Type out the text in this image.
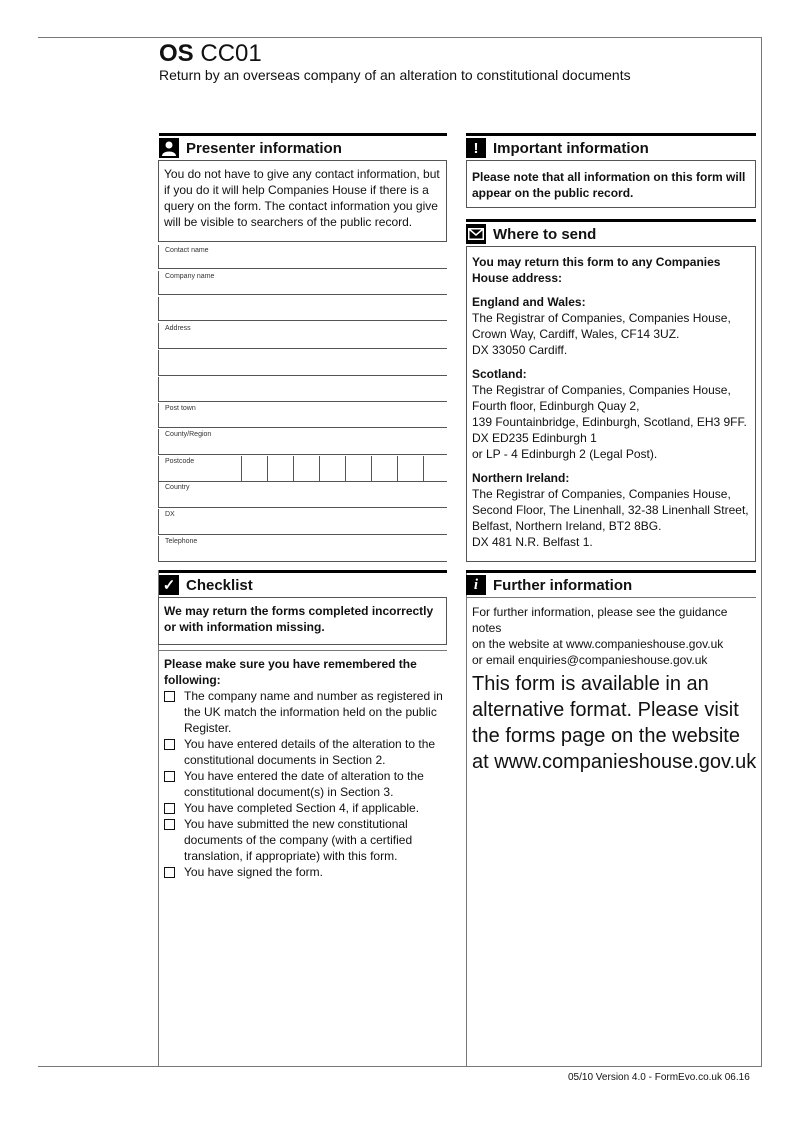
OS CC01
Return by an overseas company of an alteration to constitutional documents
Presenter information
You do not have to give any contact information, but if you do it will help Companies House if there is a query on the form. The contact information you give will be visible to searchers of the public record.
Contact name
Company name
Address
Post town
County/Region
Postcode
Country
DX
Telephone
! Important information
Please note that all information on this form will appear on the public record.
Where to send
You may return this form to any Companies House address:
England and Wales:
The Registrar of Companies, Companies House,
Crown Way, Cardiff, Wales, CF14 3UZ.
DX 33050 Cardiff.
Scotland:
The Registrar of Companies, Companies House,
Fourth floor, Edinburgh Quay 2,
139 Fountainbridge, Edinburgh, Scotland, EH3 9FF.
DX ED235 Edinburgh 1
or LP - 4 Edinburgh 2 (Legal Post).
Northern Ireland:
The Registrar of Companies, Companies House,
Second Floor, The Linenhall, 32-38 Linenhall Street,
Belfast, Northern Ireland, BT2 8BG.
DX 481 N.R. Belfast 1.
✓ Checklist
We may return the forms completed incorrectly or with information missing.
Please make sure you have remembered the following:
The company name and number as registered in the UK match the information held on the public Register.
You have entered details of the alteration to the constitutional documents in Section 2.
You have entered the date of alteration to the constitutional document(s) in Section 3.
You have completed Section 4, if applicable.
You have submitted the new constitutional documents of the company (with a certified translation, if appropriate) with this form.
You have signed the form.
i Further information
For further information, please see the guidance notes
on the website at www.companieshouse.gov.uk
or email enquiries@companieshouse.gov.uk
This form is available in an alternative format. Please visit the forms page on the website at www.companieshouse.gov.uk
05/10 Version 4.0 - FormEvo.co.uk 06.16
